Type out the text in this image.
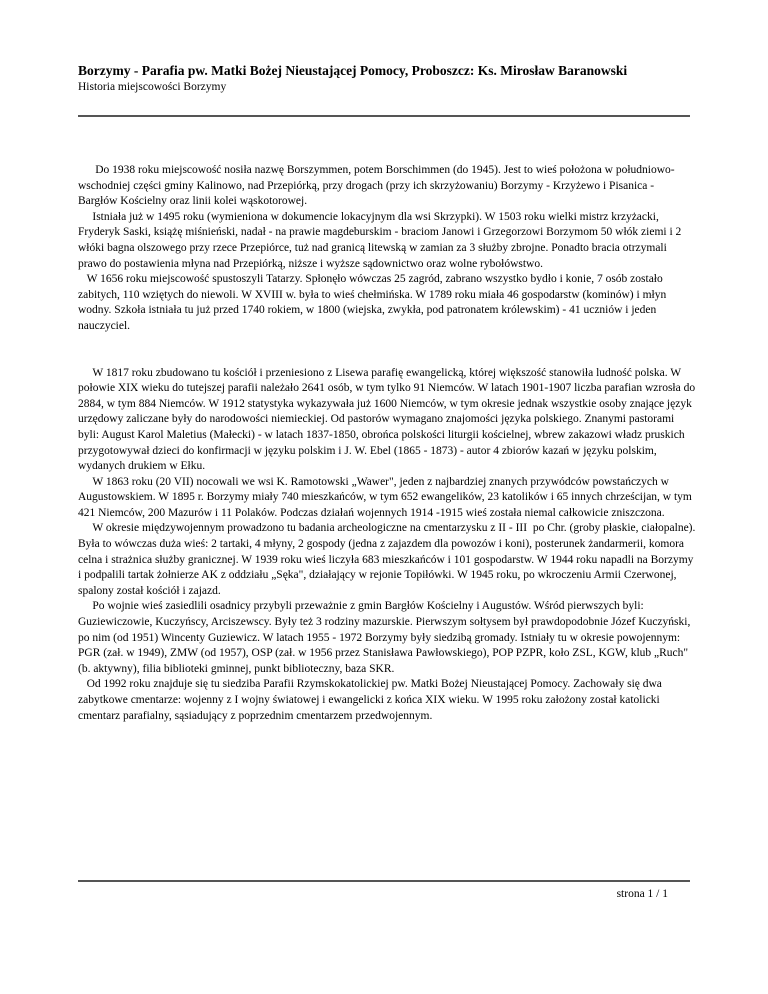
Borzymy - Parafia pw. Matki Bożej Nieustającej Pomocy, Proboszcz: Ks. Mirosław Baranowski

Historia miejscowości Borzymy

Do 1938 roku miejscowość nosiła nazwę Borszymmen, potem Borschimmen (do 1945). Jest to wieś położona w południowo-wschodniej części gminy Kalinowo, nad Przepiórką, przy drogach (przy ich skrzyżowaniu) Borzymy - Krzyżewo i Pisanica - Bargłów Kościelny oraz linii kolei wąskotorowej.

Istniała już w 1495 roku (wymieniona w dokumencie lokacyjnym dla wsi Skrzypki). W 1503 roku wielki mistrz krzyżacki, Fryderyk Saski, książę miśnieński, nadał - na prawie magdeburskim - braciom Janowi i Grzegorzowi Borzymom 50 włók ziemi i 2 włóki bagna olszowego przy rzece Przepiórce, tuż nad granicą litewską w zamian za 3 służby zbrojne. Ponadto bracia otrzymali prawo do postawienia młyna nad Przepiórką, niższe i wyższe sądownictwo oraz wolne rybołówstwo.

W 1656 roku miejscowość spustoszyli Tatarzy. Spłonęło wówczas 25 zagród, zabrano wszystko bydło i konie, 7 osób zostało zabitych, 110 wziętych do niewoli. W XVIII w. była to wieś chełmińska. W 1789 roku miała 46 gospodarstw (kominów) i młyn wodny. Szkoła istniała tu już przed 1740 rokiem, w 1800 (wiejska, zwykła, pod patronatem królewskim) - 41 uczniów i jeden nauczyciel.

W 1817 roku zbudowano tu kościół i przeniesiono z Lisewa parafię ewangelicką, której większość stanowiła ludność polska. W połowie XIX wieku do tutejszej parafii należało 2641 osób, w tym tylko 91 Niemców. W latach 1901-1907 liczba parafian wzrosła do 2884, w tym 884 Niemców. W 1912 statystyka wykazywała już 1600 Niemców, w tym okresie jednak wszystkie osoby znające język urzędowy zaliczane były do narodowości niemieckiej. Od pastorów wymagano znajomości języka polskiego. Znanymi pastorami byli: August Karol Maletius (Małecki) - w latach 1837-1850, obrońca polskości liturgii kościelnej, wbrew zakazowi władz pruskich przygotowywał dzieci do konfirmacji w języku polskim i J. W. Ebel (1865 - 1873) - autor 4 zbiorów kazań w języku polskim, wydanych drukiem w Ełku.

W 1863 roku (20 VII) nocowali we wsi K. Ramotowski „Wawer", jeden z najbardziej znanych przywódców powstańczych w Augustowskiem. W 1895 r. Borzymy miały 740 mieszkańców, w tym 652 ewangelików, 23 katolików i 65 innych chrześcijan, w tym 421 Niemców, 200 Mazurów i 11 Polaków. Podczas działań wojennych 1914 -1915 wieś została niemal całkowicie zniszczona.

W okresie międzywojennym prowadzono tu badania archeologiczne na cmentarzysku z II - III  po Chr. (groby płaskie, ciałopalne). Była to wówczas duża wieś: 2 tartaki, 4 młyny, 2 gospody (jedna z zajazdem dla powozów i koni), posterunek żandarmerii, komora celna i strażnica służby granicznej. W 1939 roku wieś liczyła 683 mieszkańców i 101 gospodarstw. W 1944 roku napadli na Borzymy i podpalili tartak żołnierze AK z oddziału „Sęka", działający w rejonie Topiłówki. W 1945 roku, po wkroczeniu Armii Czerwonej, spalony został kościół i zajazd.

Po wojnie wieś zasiedlili osadnicy przybyli przeważnie z gmin Bargłów Kościelny i Augustów. Wśród pierwszych byli: Guziewiczowie, Kuczyńscy, Arciszewscy. Były też 3 rodziny mazurskie. Pierwszym sołtysem był prawdopodobnie Józef Kuczyński, po nim (od 1951) Wincenty Guziewicz. W latach 1955 - 1972 Borzymy były siedzibą gromady. Istniały tu w okresie powojennym: PGR (zał. w 1949), ZMW (od 1957), OSP (zał. w 1956 przez Stanisława Pawłowskiego), POP PZPR, koło ZSL, KGW, klub „Ruch" (b. aktywny), filia biblioteki gminnej, punkt biblioteczny, baza SKR.

Od 1992 roku znajduje się tu siedziba Parafii Rzymskokatolickiej pw. Matki Bożej Nieustającej Pomocy. Zachowały się dwa zabytkowe cmentarze: wojenny z I wojny światowej i ewangelicki z końca XIX wieku. W 1995 roku założony został katolicki cmentarz parafialny, sąsiadujący z poprzednim cmentarzem przedwojennym.

strona 1 / 1
